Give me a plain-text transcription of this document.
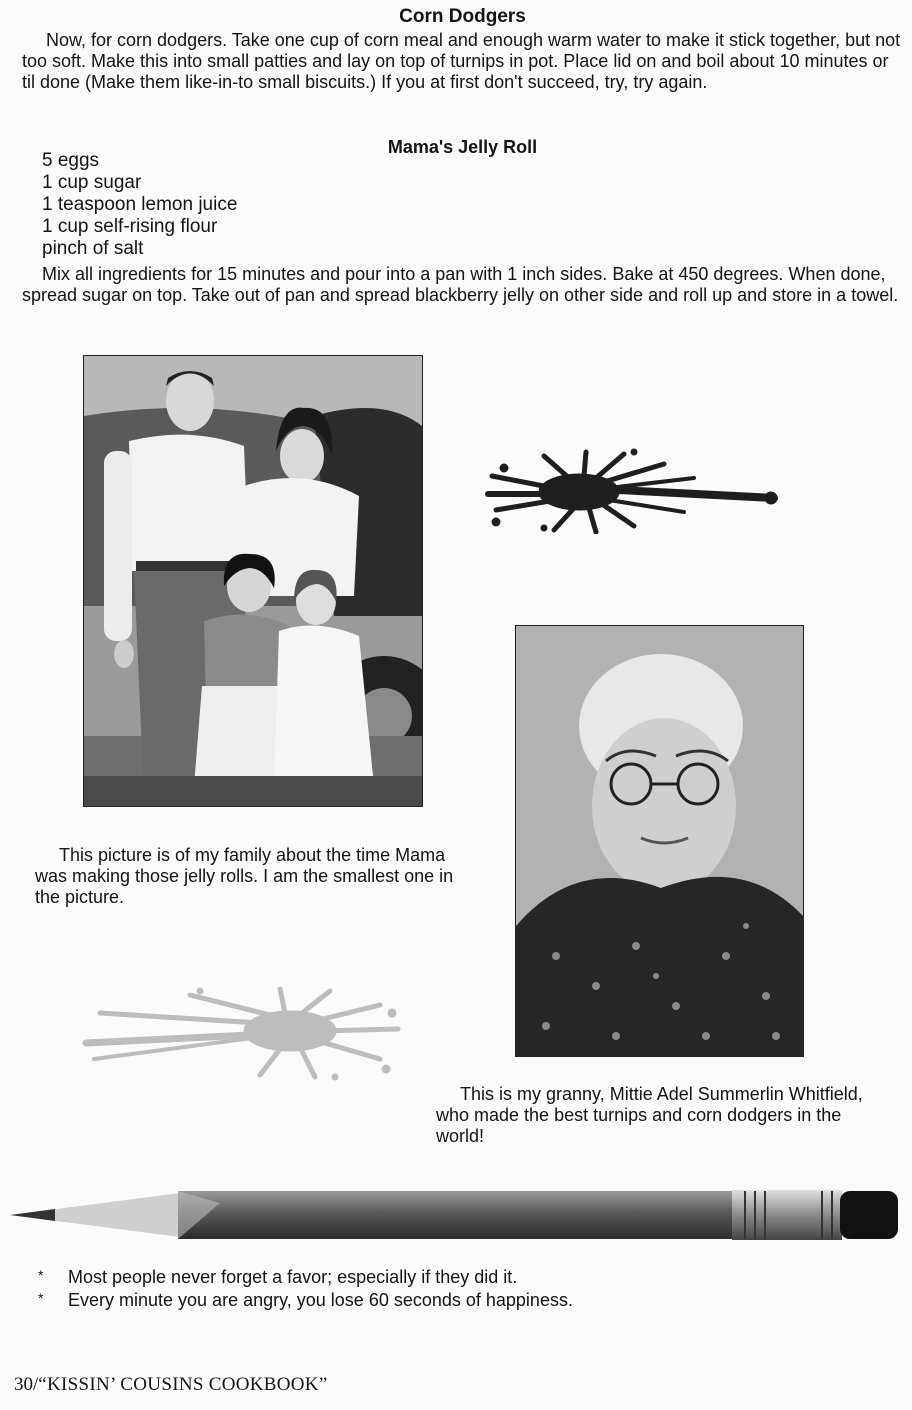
Corn Dodgers
Now, for corn dodgers. Take one cup of corn meal and enough warm water to make it stick together, but not too soft. Make this into small patties and lay on top of turnips in pot. Place lid on and boil about 10 minutes or til done (Make them like-in-to small biscuits.) If you at first don't succeed, try, try again.
Mama's Jelly Roll
5 eggs
1 cup sugar
1 teaspoon lemon juice
1 cup self-rising flour
pinch of salt
Mix all ingredients for 15 minutes and pour into a pan with 1 inch sides. Bake at 450 degrees. When done, spread sugar on top. Take out of pan and spread blackberry jelly on other side and roll up and store in a towel.
This picture is of my family about the time Mama was making those jelly rolls. I am the smallest one in the picture.
This is my granny, Mittie Adel Summerlin Whitfield, who made the best turnips and corn dodgers in the world!
* Most people never forget a favor; especially if they did it.
* Every minute you are angry, you lose 60 seconds of happiness.
30/“KISSIN’ COUSINS COOKBOOK”
